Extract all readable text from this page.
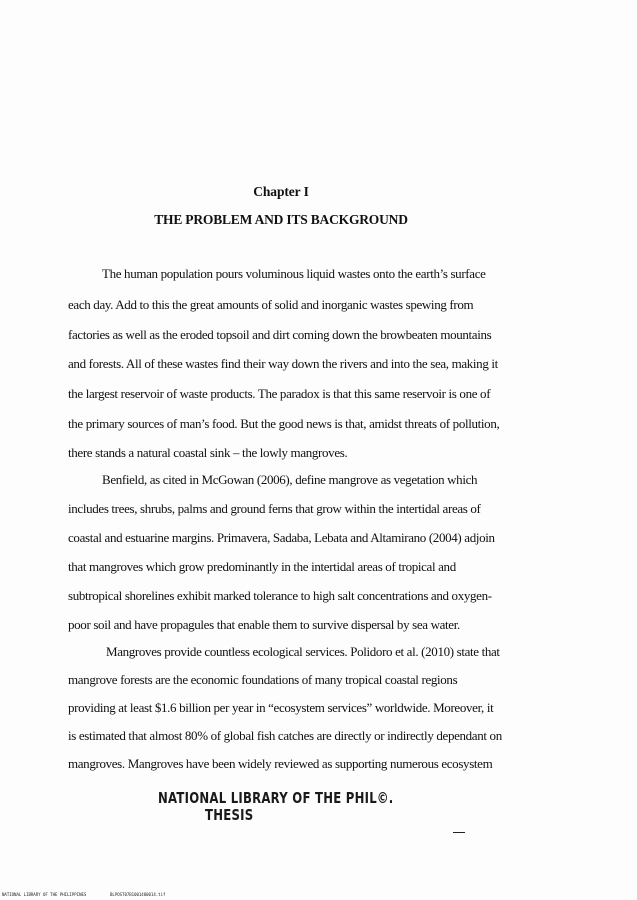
Chapter I
THE PROBLEM AND ITS BACKGROUND
The human population pours voluminous liquid wastes onto the earth’s surface
each day. Add to this the great amounts of solid and inorganic wastes spewing from
factories as well as the eroded topsoil and dirt coming down the browbeaten mountains
and forests. All of these wastes find their way down the rivers and into the sea, making it
the largest reservoir of waste products. The paradox is that this same reservoir is one of
the primary sources of man’s food. But the good news is that, amidst threats of pollution,
there stands a natural coastal sink – the lowly mangroves.
Benfield, as cited in McGowan (2006), define mangrove as vegetation which
includes trees, shrubs, palms and ground ferns that grow within the intertidal areas of
coastal and estuarine margins. Primavera, Sadaba, Lebata and Altamirano (2004) adjoin
that mangroves which grow predominantly in the intertidal areas of tropical and
subtropical shorelines exhibit marked tolerance to high salt concentrations and oxygen-
poor soil and have propagules that enable them to survive dispersal by sea water.
Mangroves provide countless ecological services. Polidoro et al. (2010) state that
mangrove forests are the economic foundations of many tropical coastal regions
providing at least $1.6 billion per year in “ecosystem services” worldwide. Moreover, it
is estimated that almost 80% of global fish catches are directly or indirectly dependant on
mangroves. Mangroves have been widely reviewed as supporting numerous ecosystem
NATIONAL LIBRARY OF THE PHIL©.
THESIS
NATIONAL LIBRARY OF THE PHILIPPINES	BLPOST07B1001480014.tif
